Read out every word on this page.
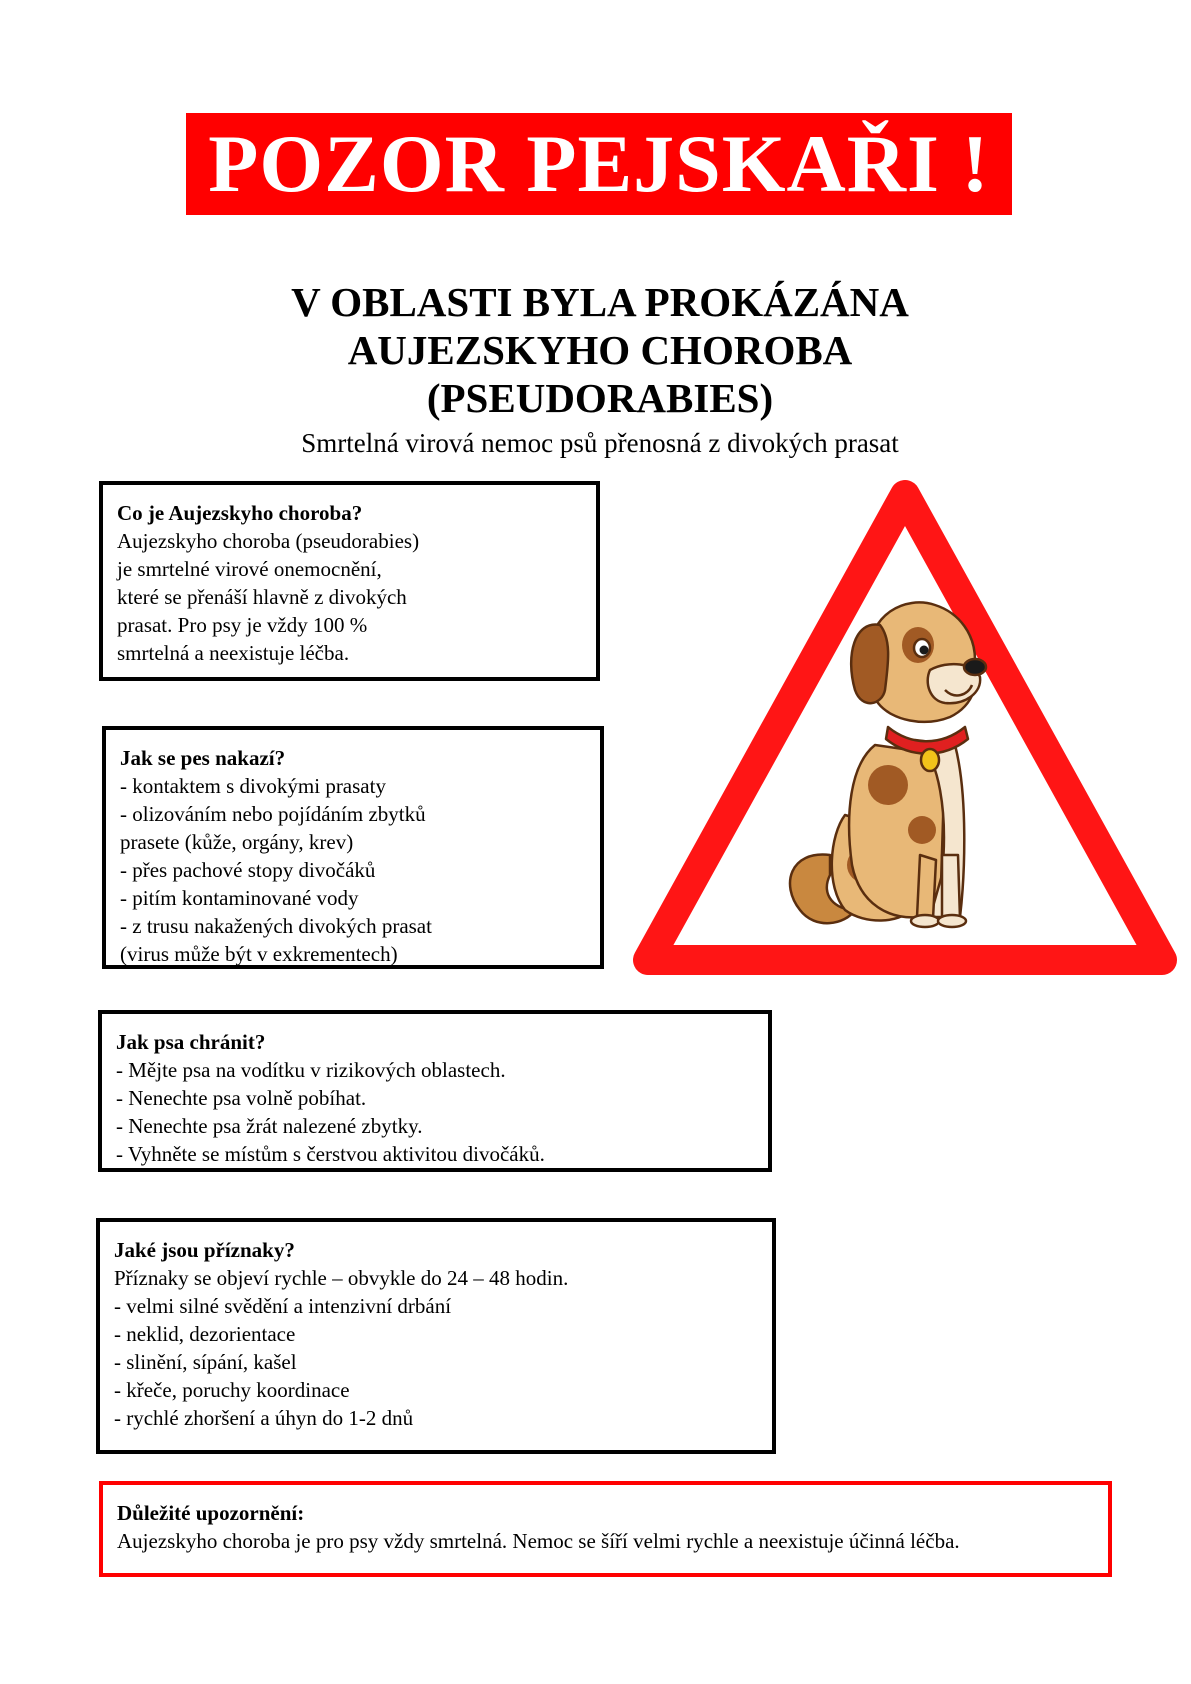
POZOR PEJSKAŘI !
V OBLASTI BYLA PROKÁZÁNA
AUJEZSKYHO CHOROBA
(PSEUDORABIES)
Smrtelná virová nemoc psů přenosná z divokých prasat
Co je Aujezskyho choroba?
Aujezskyho choroba (pseudorabies)
je smrtelné virové onemocnění,
které se přenáší hlavně z divokých
prasat. Pro psy je vždy 100 %
smrtelná a neexistuje léčba.
Jak se pes nakazí?
- kontaktem s divokými prasaty
- olizováním nebo pojídáním zbytků
prasete (kůže, orgány, krev)
- přes pachové stopy divočáků
- pitím kontaminované vody
- z trusu nakažených divokých prasat
(virus může být v exkrementech)
Jak psa chránit?
- Mějte psa na vodítku v rizikových oblastech.
- Nenechte psa volně pobíhat.
- Nenechte psa žrát nalezené zbytky.
- Vyhněte se místům s čerstvou aktivitou divočáků.
Jaké jsou příznaky?
Příznaky se objeví rychle – obvykle do 24 – 48 hodin.
- velmi silné svědění a intenzivní drbání
- neklid, dezorientace
- slinění, sípání, kašel
- křeče, poruchy koordinace
- rychlé zhoršení a úhyn do 1-2 dnů
Důležité upozornění:
Aujezskyho choroba je pro psy vždy smrtelná. Nemoc se šíří velmi rychle a neexistuje účinná léčba.
